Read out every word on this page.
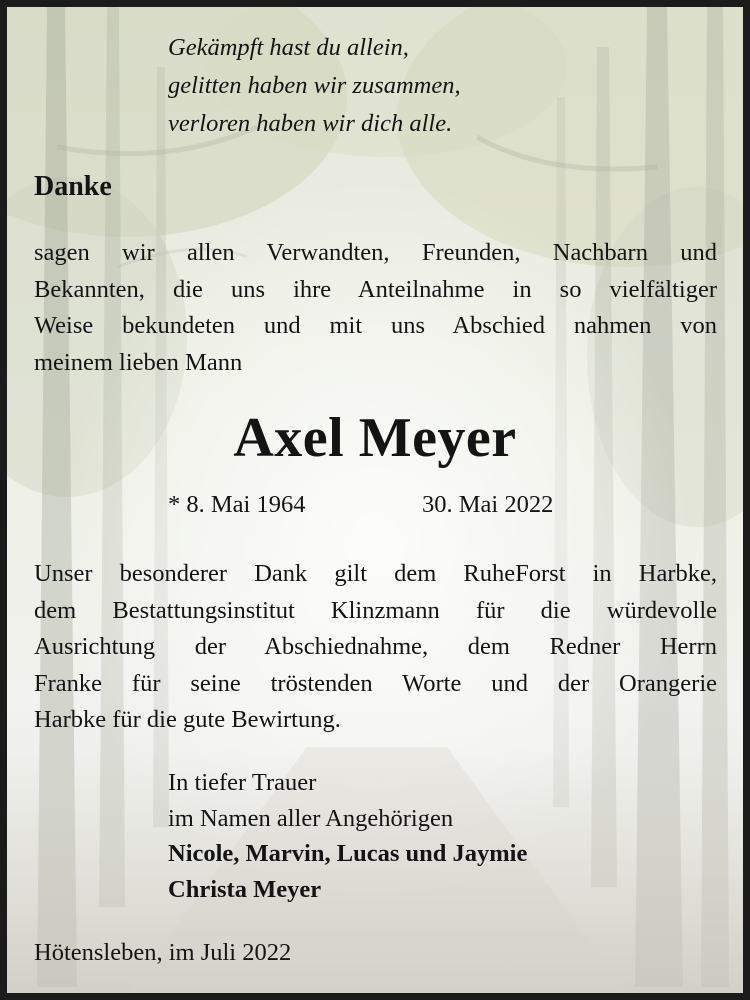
Gekämpft hast du allein,
gelitten haben wir zusammen,
verloren haben wir dich alle.
Danke
sagen wir allen Verwandten, Freunden, Nachbarn und
Bekannten, die uns ihre Anteilnahme in so vielfältiger
Weise bekundeten und mit uns Abschied nahmen von
meinem lieben Mann
Axel Meyer
* 8. Mai 1964	30. Mai 2022
Unser besonderer Dank gilt dem RuheForst in Harbke,
dem Bestattungsinstitut Klinzmann für die würdevolle
Ausrichtung der Abschiednahme, dem Redner Herrn
Franke für seine tröstenden Worte und der Orangerie
Harbke für die gute Bewirtung.
In tiefer Trauer
im Namen aller Angehörigen
Nicole, Marvin, Lucas und Jaymie
Christa Meyer
Hötensleben, im Juli 2022
